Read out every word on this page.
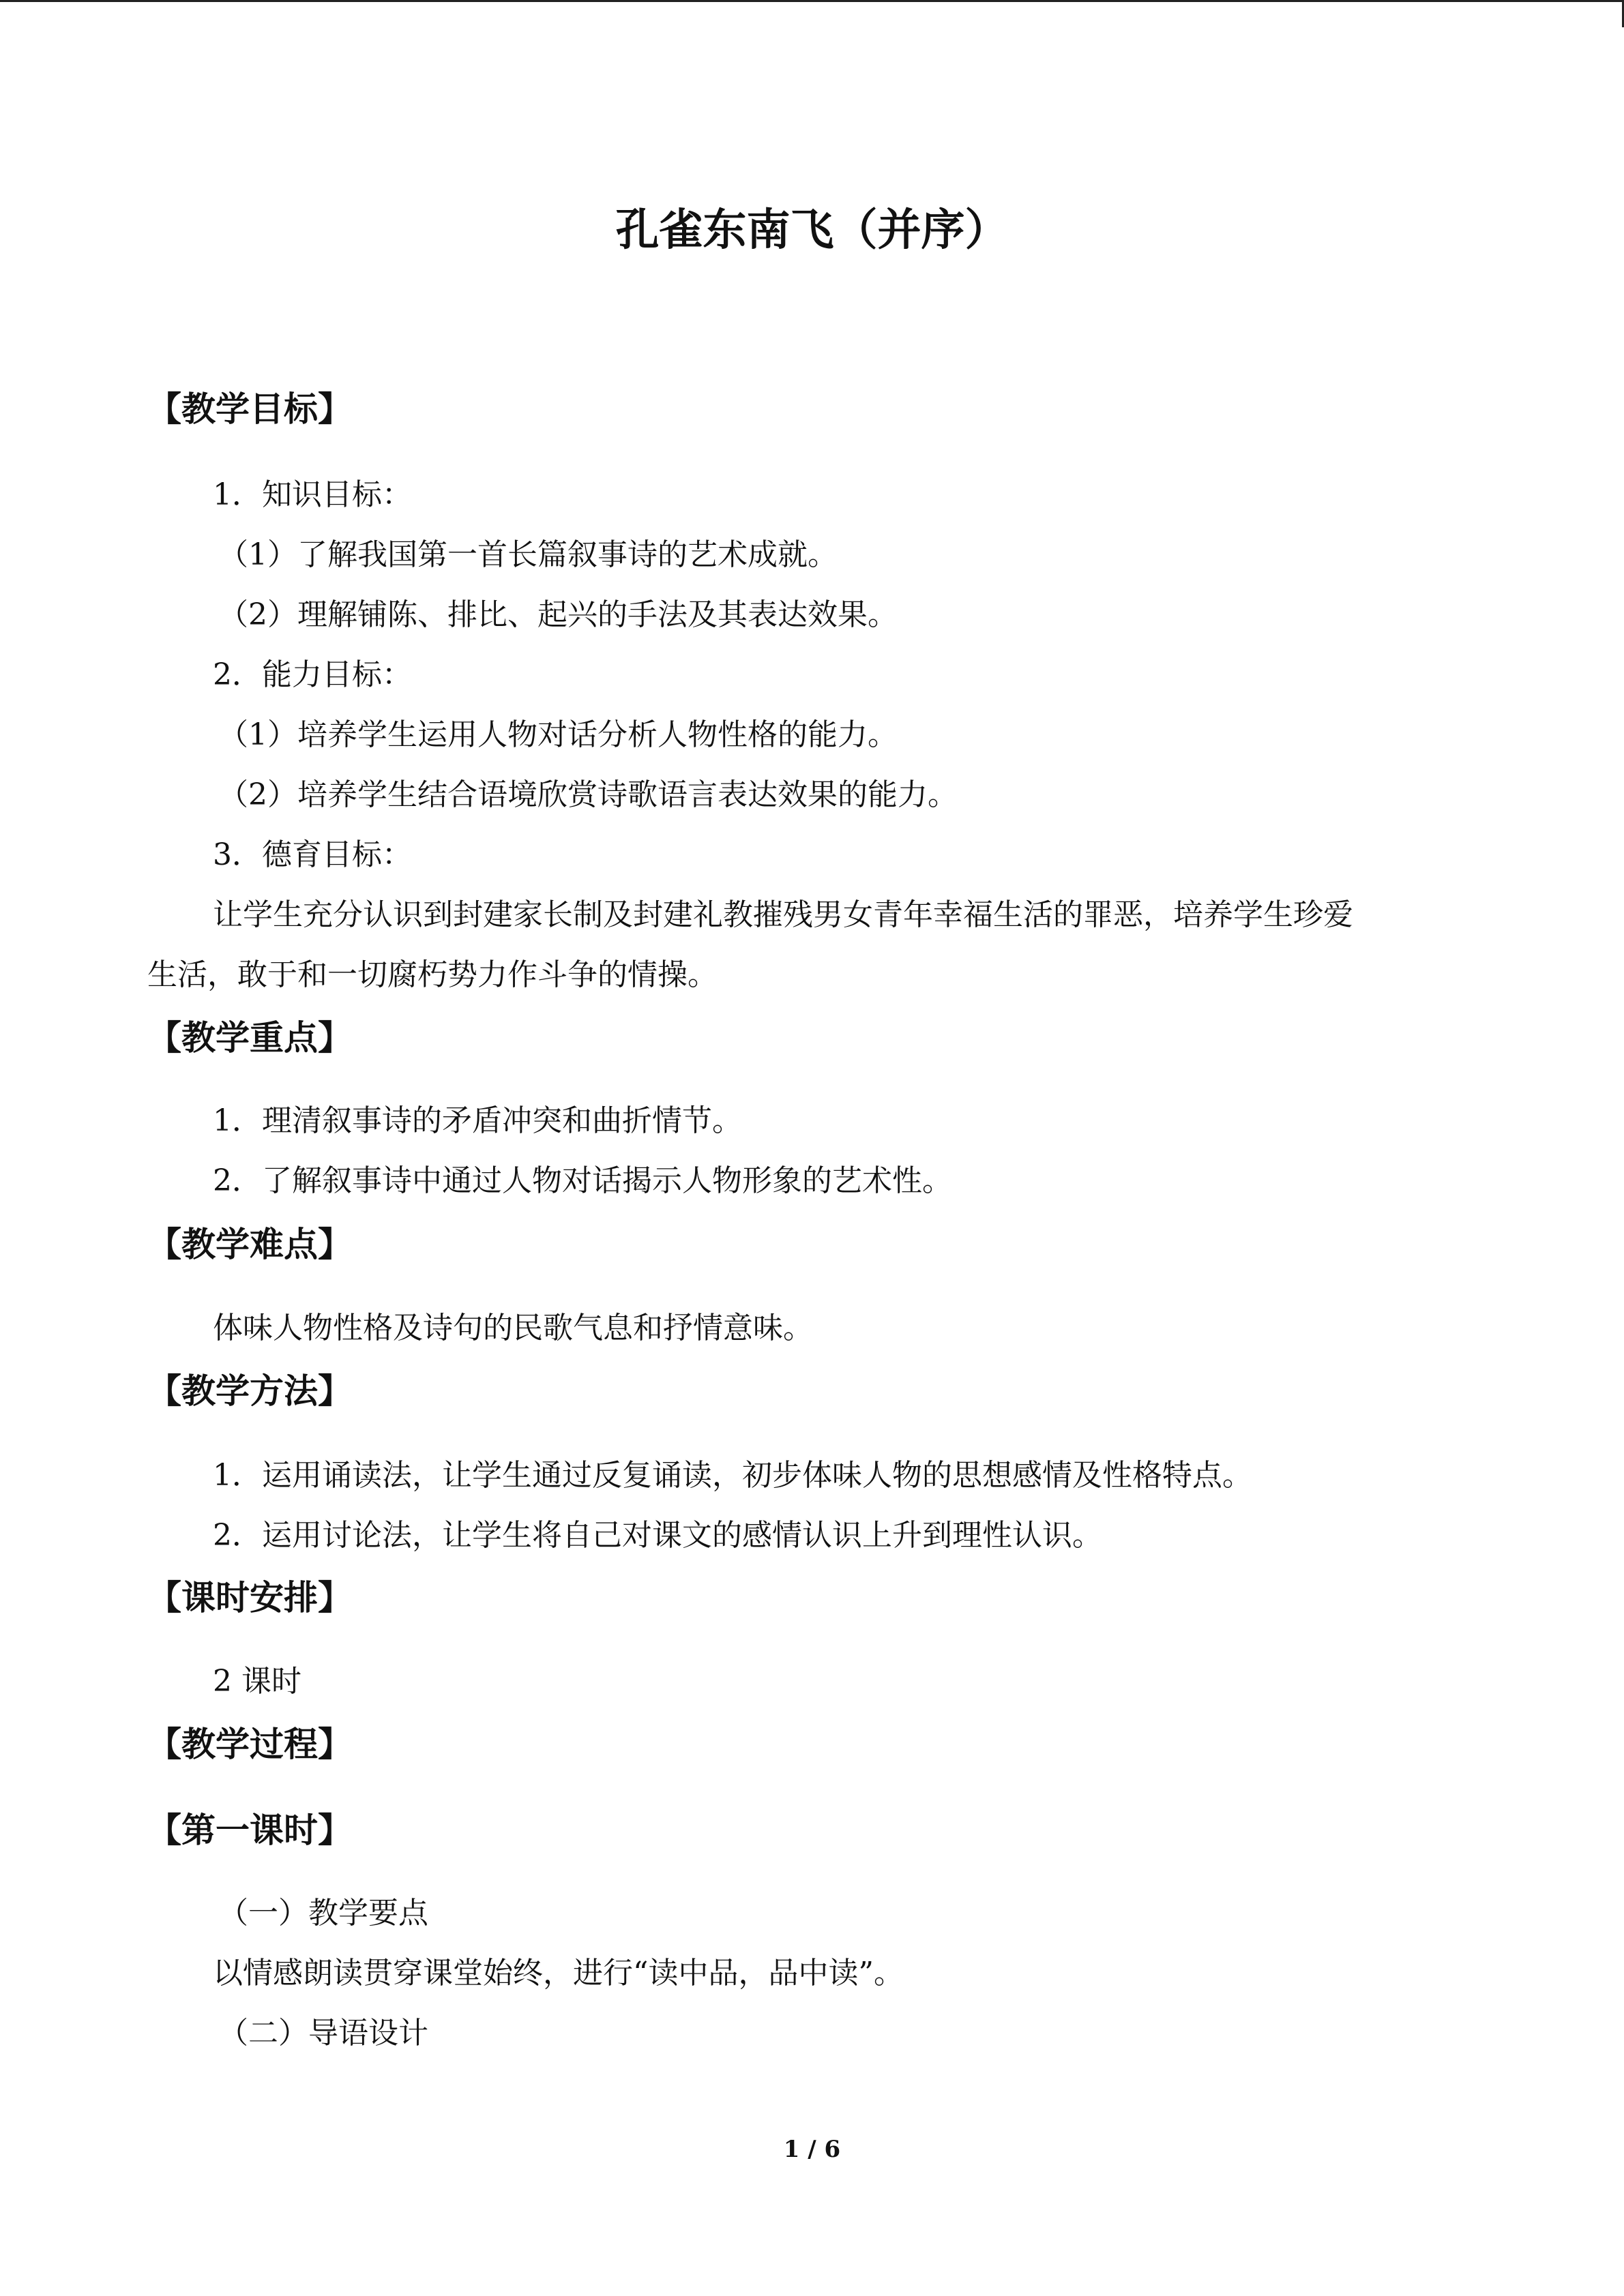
孔雀东南飞（并序）
【教学目标】
1．知识目标：
（1）了解我国第一首长篇叙事诗的艺术成就。
（2）理解铺陈、排比、起兴的手法及其表达效果。
2．能力目标：
（1）培养学生运用人物对话分析人物性格的能力。
（2）培养学生结合语境欣赏诗歌语言表达效果的能力。
3．德育目标：
让学生充分认识到封建家长制及封建礼教摧残男女青年幸福生活的罪恶，培养学生珍爱
生活，敢于和一切腐朽势力作斗争的情操。
【教学重点】
1．理清叙事诗的矛盾冲突和曲折情节。
2．了解叙事诗中通过人物对话揭示人物形象的艺术性。
【教学难点】
体味人物性格及诗句的民歌气息和抒情意味。
【教学方法】
1．运用诵读法，让学生通过反复诵读，初步体味人物的思想感情及性格特点。
2．运用讨论法，让学生将自己对课文的感情认识上升到理性认识。
【课时安排】
2 课时
【教学过程】
【第一课时】
（一）教学要点
以情感朗读贯穿课堂始终，进行“读中品，品中读”。
（二）导语设计
1 / 6
